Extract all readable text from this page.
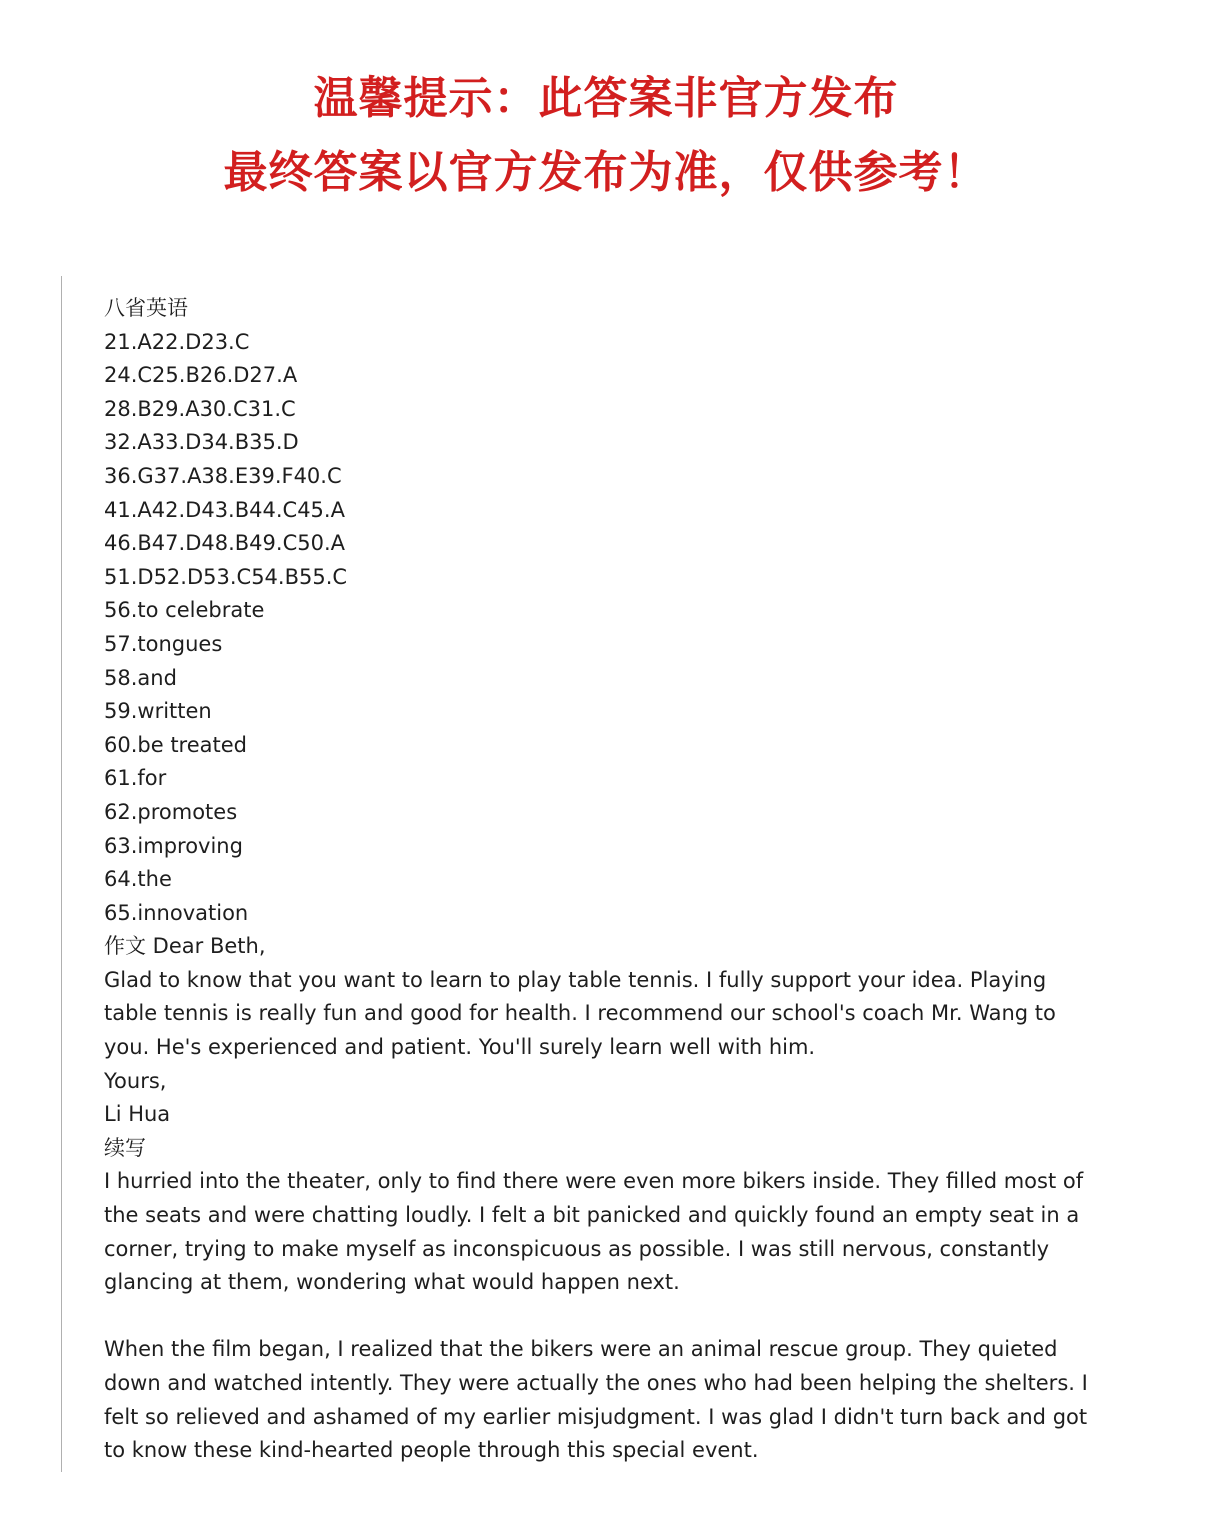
温馨提示：此答案非官方发布
最终答案以官方发布为准，仅供参考！

八省英语

21.A22.D23.C

24.C25.B26.D27.A

28.B29.A30.C31.C

32.A33.D34.B35.D

36.G37.A38.E39.F40.C

41.A42.D43.B44.C45.A

46.B47.D48.B49.C50.A

51.D52.D53.C54.B55.C

56.to celebrate

57.tongues

58.and

59.written

60.be treated

61.for

62.promotes

63.improving

64.the

65.innovation

作文 Dear Beth,

Glad to know that you want to learn to play table tennis. I fully support your idea. Playing table tennis is really fun and good for health. I recommend our school's coach Mr. Wang to you. He's experienced and patient. You'll surely learn well with him.

Yours,

Li Hua

续写

I hurried into the theater, only to find there were even more bikers inside. They filled most of the seats and were chatting loudly. I felt a bit panicked and quickly found an empty seat in a corner, trying to make myself as inconspicuous as possible. I was still nervous, constantly glancing at them, wondering what would happen next.

When the film began, I realized that the bikers were an animal rescue group. They quieted down and watched intently. They were actually the ones who had been helping the shelters. I felt so relieved and ashamed of my earlier misjudgment. I was glad I didn't turn back and got to know these kind-hearted people through this special event.
